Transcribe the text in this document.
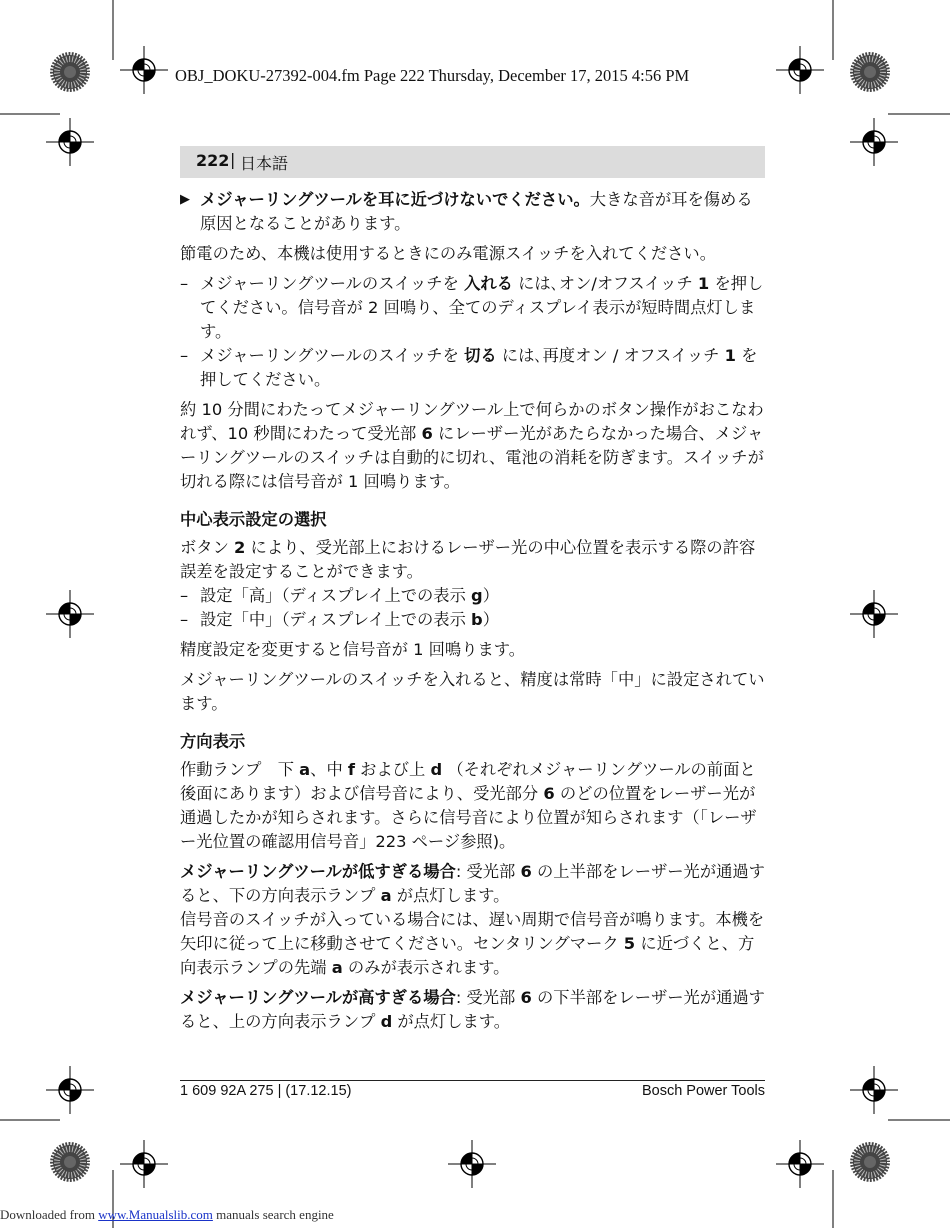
OBJ_DOKU-27392-004.fm Page 222 Thursday, December 17, 2015 4:56 PM
222 | 日本語
▶ メジャーリングツールを耳に近づけないでください。大きな音が耳を傷める原因となることがあります。

節電のため、本機は使用するときにのみ電源スイッチを入れてください。

– メジャーリングツールのスイッチを 入れる には､オン/オフスイッチ 1 を押してください。信号音が 2 回鳴り、全てのディスプレイ表示が短時間点灯します。
– メジャーリングツールのスイッチを 切る には､再度オン / オフスイッチ 1 を押してください。

約 10 分間にわたってメジャーリングツール上で何らかのボタン操作がおこなわれず、10 秒間にわたって受光部 6 にレーザー光があたらなかった場合、メジャーリングツールのスイッチは自動的に切れ、電池の消耗を防ぎます。スイッチが切れる際には信号音が 1 回鳴ります。

中心表示設定の選択

ボタン 2 により、受光部上におけるレーザー光の中心位置を表示する際の許容誤差を設定することができます。

– 設定「高」（ディスプレイ上での表示 g）
– 設定「中」（ディスプレイ上での表示 b）

精度設定を変更すると信号音が 1 回鳴ります。

メジャーリングツールのスイッチを入れると、精度は常時「中」に設定されています。

方向表示

作動ランプ　下 a、中 f および上 d （それぞれメジャーリングツールの前面と後面にあります）および信号音により、受光部分 6 のどの位置をレーザー光が通過したかが知らされます。さらに信号音により位置が知らされます（「レーザー光位置の確認用信号音」223 ページ参照)。

メジャーリングツールが低すぎる場合: 受光部 6 の上半部をレーザー光が通過すると、下の方向表示ランプ a が点灯します。

信号音のスイッチが入っている場合には、遅い周期で信号音が鳴ります。本機を矢印に従って上に移動させてください。センタリングマーク 5 に近づくと、方向表示ランプの先端 a のみが表示されます。

メジャーリングツールが高すぎる場合: 受光部 6 の下半部をレーザー光が通過すると、上の方向表示ランプ d が点灯します。

1 609 92A 275 | (17.12.15)	Bosch Power Tools
Downloaded from www.Manualslib.com manuals search engine
